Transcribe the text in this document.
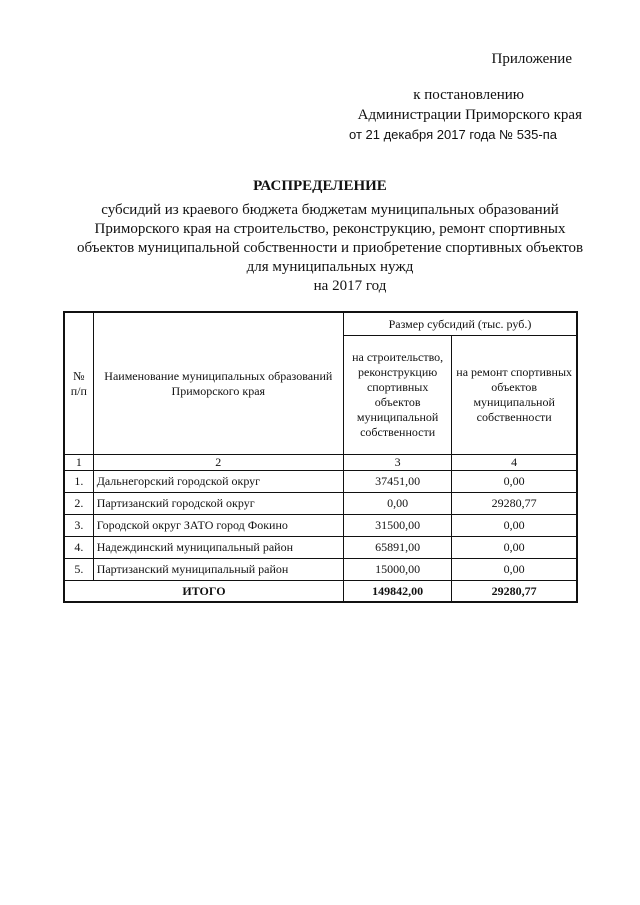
Приложение
к постановлению
Администрации Приморского края
от 21 декабря 2017 года № 535-па
РАСПРЕДЕЛЕНИЕ
субсидий из краевого бюджета бюджетам муниципальных образований
Приморского края на строительство, реконструкцию, ремонт спортивных
объектов муниципальной собственности и приобретение спортивных объектов
для муниципальных нужд
на 2017 год
№ п/п	Наименование муниципальных образований Приморского края	Размер субсидий (тыс. руб.)	
		на строительство, реконструкцию спортивных объектов муниципальной собственности	на ремонт спортивных объектов муниципальной собственности
1	2	3	4
1.	Дальнегорский городской округ	37451,00	0,00
2.	Партизанский городской округ	0,00	29280,77
3.	Городской округ ЗАТО город Фокино	31500,00	0,00
4.	Надеждинский муниципальный район	65891,00	0,00
5.	Партизанский муниципальный район	15000,00	0,00
ИТОГО		149842,00	29280,77
